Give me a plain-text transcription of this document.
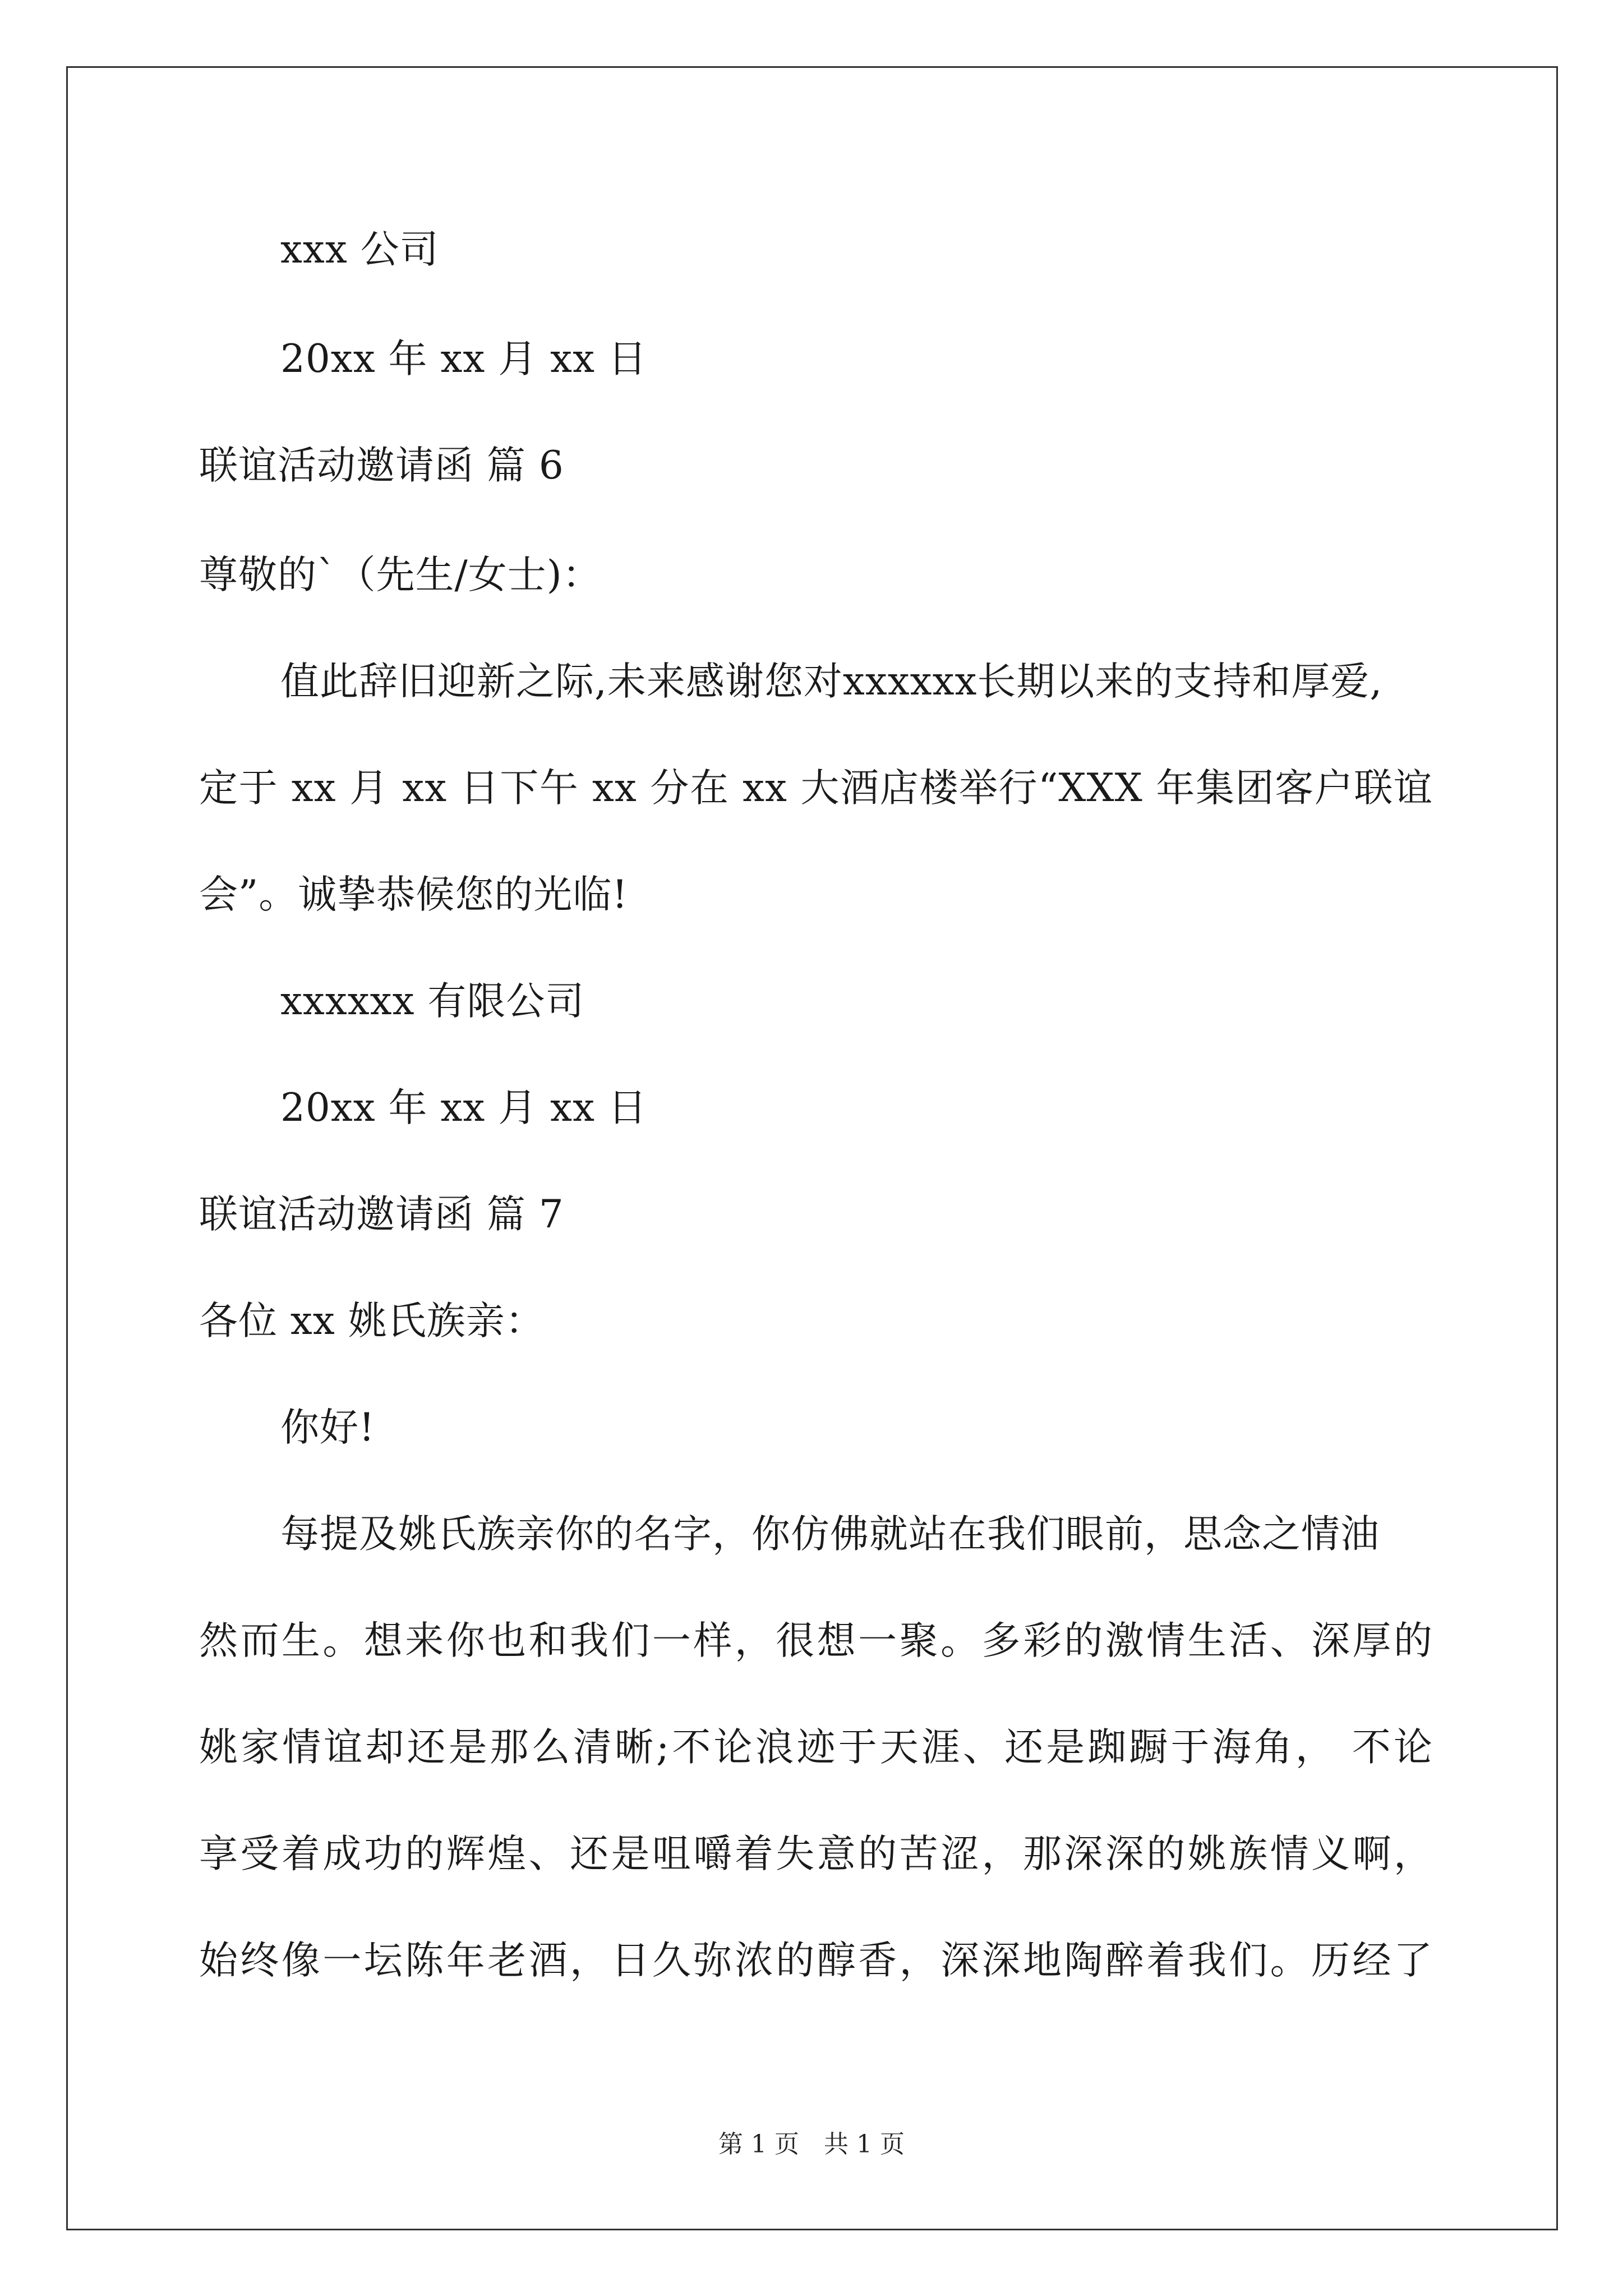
xxx 公司
20xx 年 xx 月 xx 日
联谊活动邀请函 篇 6
尊敬的`（先生/女士)：
值此辞旧迎新之际,未来感谢您对xxxxxx长期以来的支持和厚爱,
定于 xx 月 xx 日下午 xx 分在 xx 大酒店楼举行“XXX 年集团客户联谊
会”。诚挚恭候您的光临!
xxxxxx 有限公司
20xx 年 xx 月 xx 日
联谊活动邀请函 篇 7
各位 xx 姚氏族亲：
你好!
每提及姚氏族亲你的名字，你仿佛就站在我们眼前，思念之情油
然而生。想来你也和我们一样，很想一聚。多彩的激情生活、深厚的
姚家情谊却还是那么清晰;不论浪迹于天涯、还是踟蹰于海角， 不论
享受着成功的辉煌、还是咀嚼着失意的苦涩，那深深的姚族情义啊，
始终像一坛陈年老酒，日久弥浓的醇香，深深地陶醉着我们。历经了
第 1 页　共 1 页
